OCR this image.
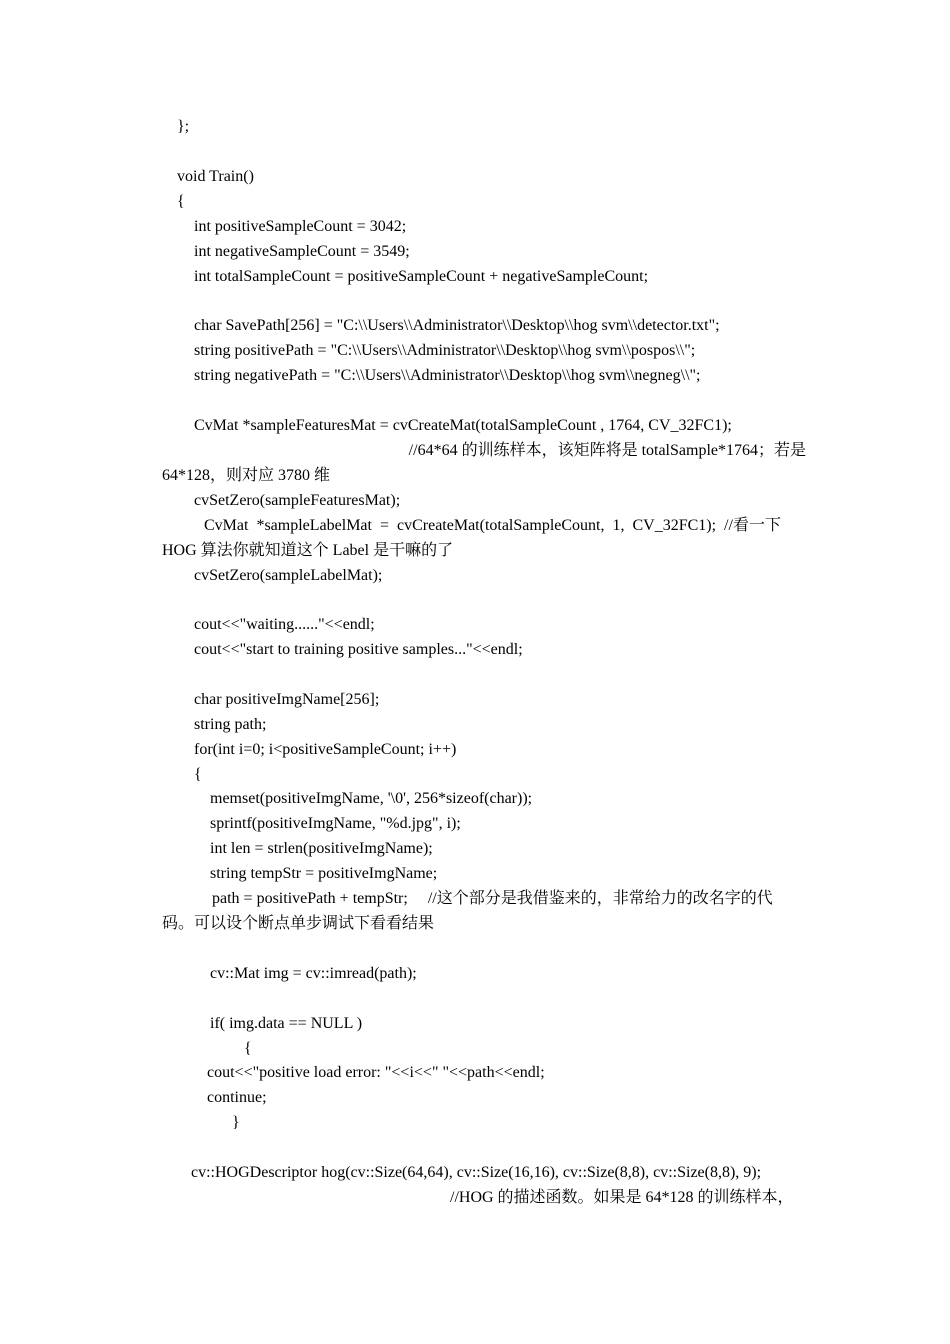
};
void Train()
{
int positiveSampleCount = 3042;
int negativeSampleCount = 3549;
int totalSampleCount = positiveSampleCount + negativeSampleCount;
char SavePath[256] = "C:\\Users\\Administrator\\Desktop\\hog svm\\detector.txt";
string positivePath = "C:\\Users\\Administrator\\Desktop\\hog svm\\pospos\\";
string negativePath = "C:\\Users\\Administrator\\Desktop\\hog svm\\negneg\\";
CvMat *sampleFeaturesMat = cvCreateMat(totalSampleCount , 1764, CV_32FC1);
//64*64 的训练样本，该矩阵将是 totalSample*1764；若是
64*128，则对应 3780 维
cvSetZero(sampleFeaturesMat);
CvMat  *sampleLabelMat  =  cvCreateMat(totalSampleCount,  1,  CV_32FC1);  //看一下
HOG 算法你就知道这个 Label 是干嘛的了
cvSetZero(sampleLabelMat);
cout<<"waiting......"<<endl;
cout<<"start to training positive samples..."<<endl;
char positiveImgName[256];
string path;
for(int i=0; i<positiveSampleCount; i++)
{
memset(positiveImgName, '\0', 256*sizeof(char));
sprintf(positiveImgName, "%d.jpg", i);
int len = strlen(positiveImgName);
string tempStr = positiveImgName;
path = positivePath + tempStr;     //这个部分是我借鉴来的，非常给力的改名字的代
码。可以设个断点单步调试下看看结果
cv::Mat img = cv::imread(path);
if( img.data == NULL )
{
cout<<"positive load error: "<<i<<" "<<path<<endl;
continue;
}
cv::HOGDescriptor hog(cv::Size(64,64), cv::Size(16,16), cv::Size(8,8), cv::Size(8,8), 9);
//HOG 的描述函数。如果是 64*128 的训练样本，
